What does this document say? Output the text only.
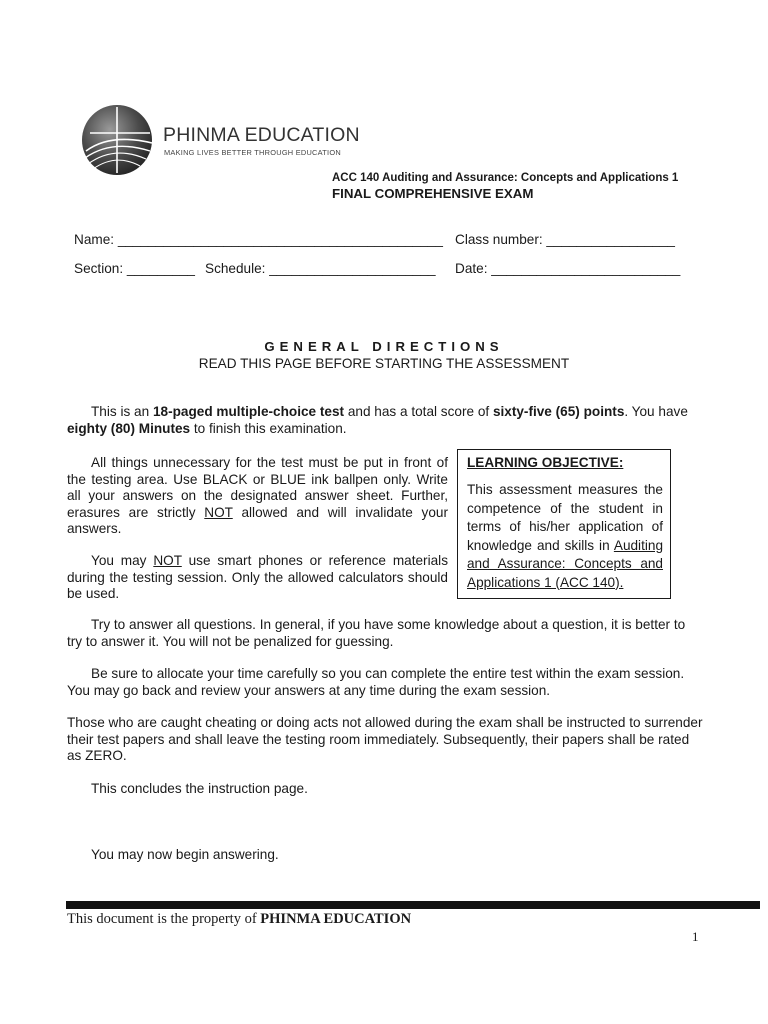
PHINMA EDUCATION
MAKING LIVES BETTER THROUGH EDUCATION
ACC 140 Auditing and Assurance: Concepts and Applications 1
FINAL COMPREHENSIVE EXAM
Name: ___________________________________________ Class number: _________________
Section: _________ Schedule: ______________________ Date: _________________________
GENERAL DIRECTIONS
READ THIS PAGE BEFORE STARTING THE ASSESSMENT

This is an 18-paged multiple-choice test and has a total score of sixty-five (65) points. You have eighty (80) Minutes to finish this examination.

All things unnecessary for the test must be put in front of the testing area. Use BLACK or BLUE ink ballpen only. Write all your answers on the designated answer sheet. Further, erasures are strictly NOT allowed and will invalidate your answers.

You may NOT use smart phones or reference materials during the testing session. Only the allowed calculators should be used.

LEARNING OBJECTIVE:

This assessment measures the competence of the student in terms of his/her application of knowledge and skills in Auditing and Assurance: Concepts and Applications 1 (ACC 140).

Try to answer all questions. In general, if you have some knowledge about a question, it is better to try to answer it. You will not be penalized for guessing.

Be sure to allocate your time carefully so you can complete the entire test within the exam session. You may go back and review your answers at any time during the exam session.

Those who are caught cheating or doing acts not allowed during the exam shall be instructed to surrender their test papers and shall leave the testing room immediately. Subsequently, their papers shall be rated as ZERO.

This concludes the instruction page.

You may now begin answering.

This document is the property of PHINMA EDUCATION
1
